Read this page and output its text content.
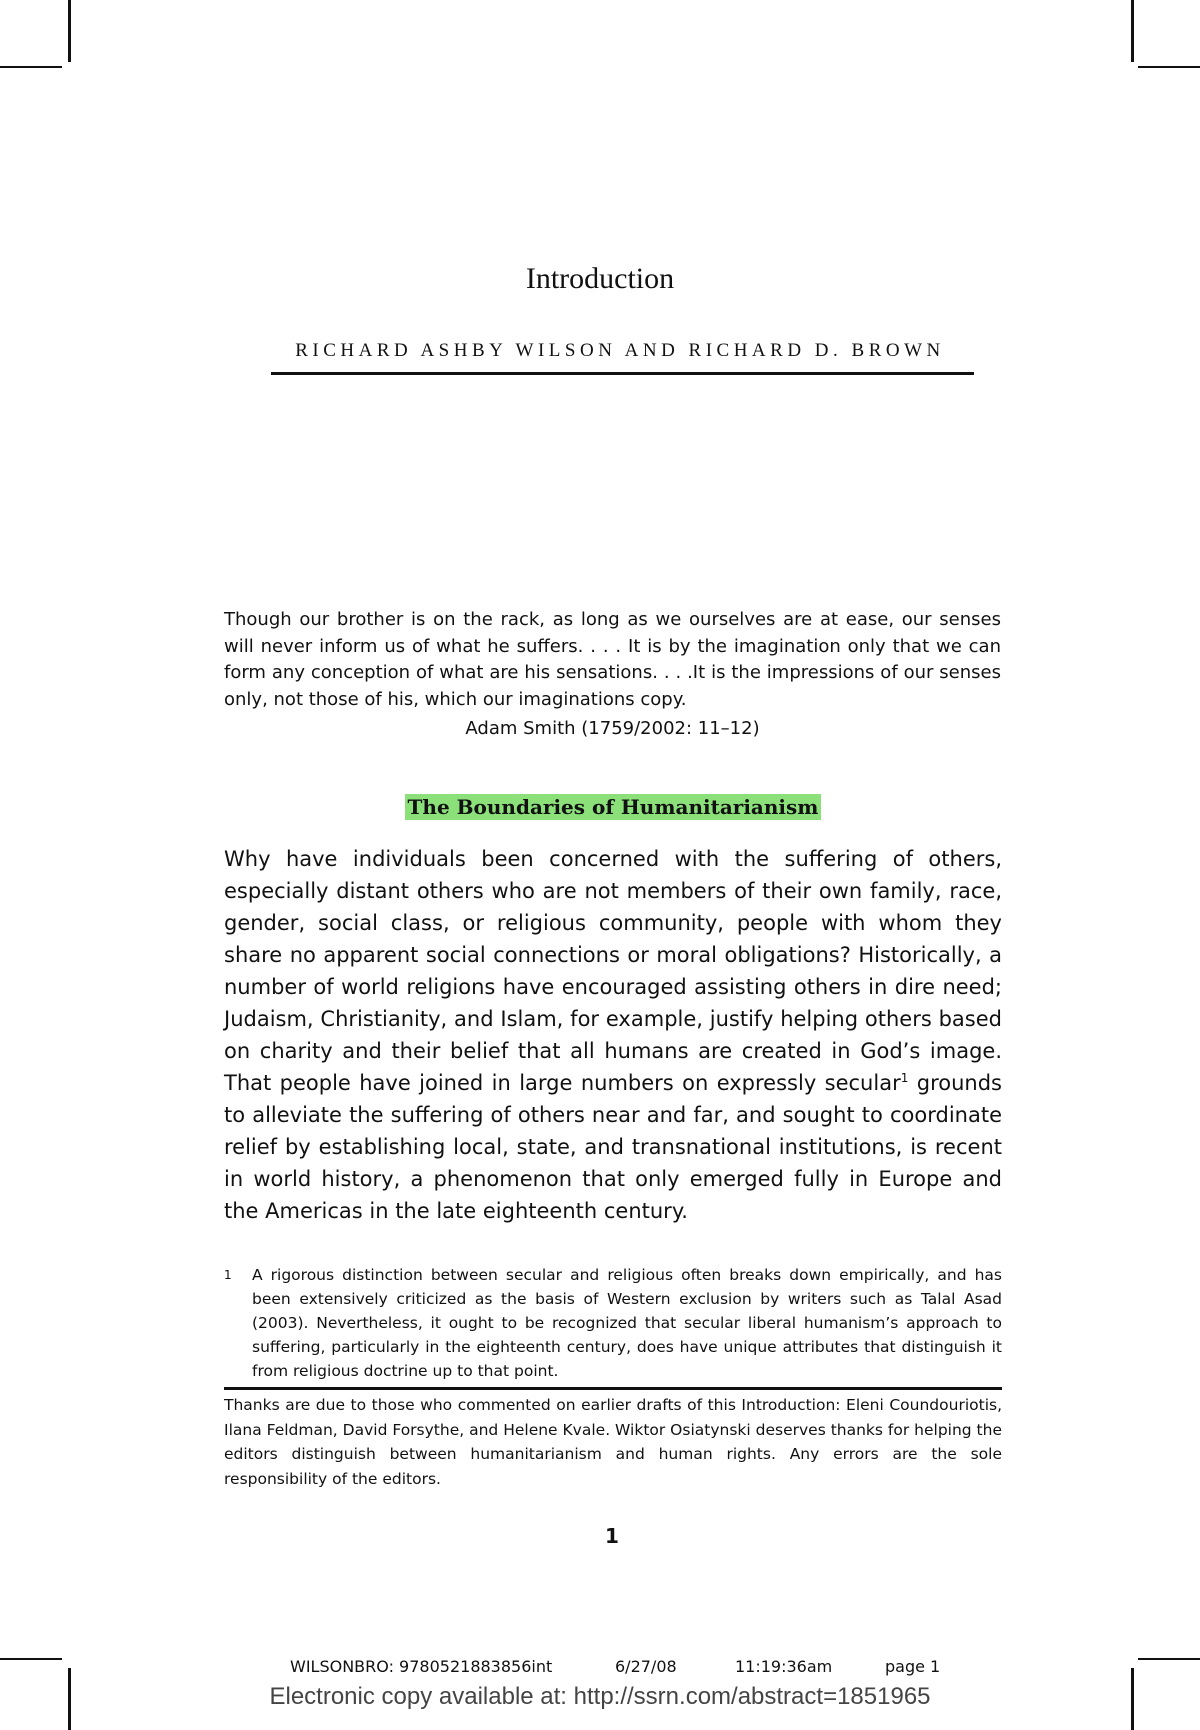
Introduction
RICHARD ASHBY WILSON AND RICHARD D. BROWN
Though our brother is on the rack, as long as we ourselves are at ease, our senses will never inform us of what he suffers. . . . It is by the imagination only that we can form any conception of what are his sensations. . . .It is the impressions of our senses only, not those of his, which our imaginations copy.
Adam Smith (1759/2002: 11–12)
The Boundaries of Humanitarianism
Why have individuals been concerned with the suffering of others, especially distant others who are not members of their own family, race, gender, social class, or religious community, people with whom they share no apparent social connections or moral obligations? Historically, a number of world religions have encouraged assisting others in dire need; Judaism, Christianity, and Islam, for example, justify helping others based on charity and their belief that all humans are created in God’s image. That people have joined in large numbers on expressly secular$^1$ grounds to alleviate the suffering of others near and far, and sought to coordinate relief by establishing local, state, and transnational institutions, is recent in world history, a phenomenon that only emerged fully in Europe and the Americas in the late eighteenth century.
1 A rigorous distinction between secular and religious often breaks down empirically, and has been extensively criticized as the basis of Western exclusion by writers such as Talal Asad (2003). Nevertheless, it ought to be recognized that secular liberal humanism’s approach to suffering, particularly in the eighteenth century, does have unique attributes that distinguish it from religious doctrine up to that point.
Thanks are due to those who commented on earlier drafts of this Introduction: Eleni Coundouriotis, Ilana Feldman, David Forsythe, and Helene Kvale. Wiktor Osiatynski deserves thanks for helping the editors distinguish between humanitarianism and human rights. Any errors are the sole responsibility of the editors.
1
WILSONBRO: 9780521883856int	6/27/08	11:19:36am	page 1
Electronic copy available at: http://ssrn.com/abstract=1851965
